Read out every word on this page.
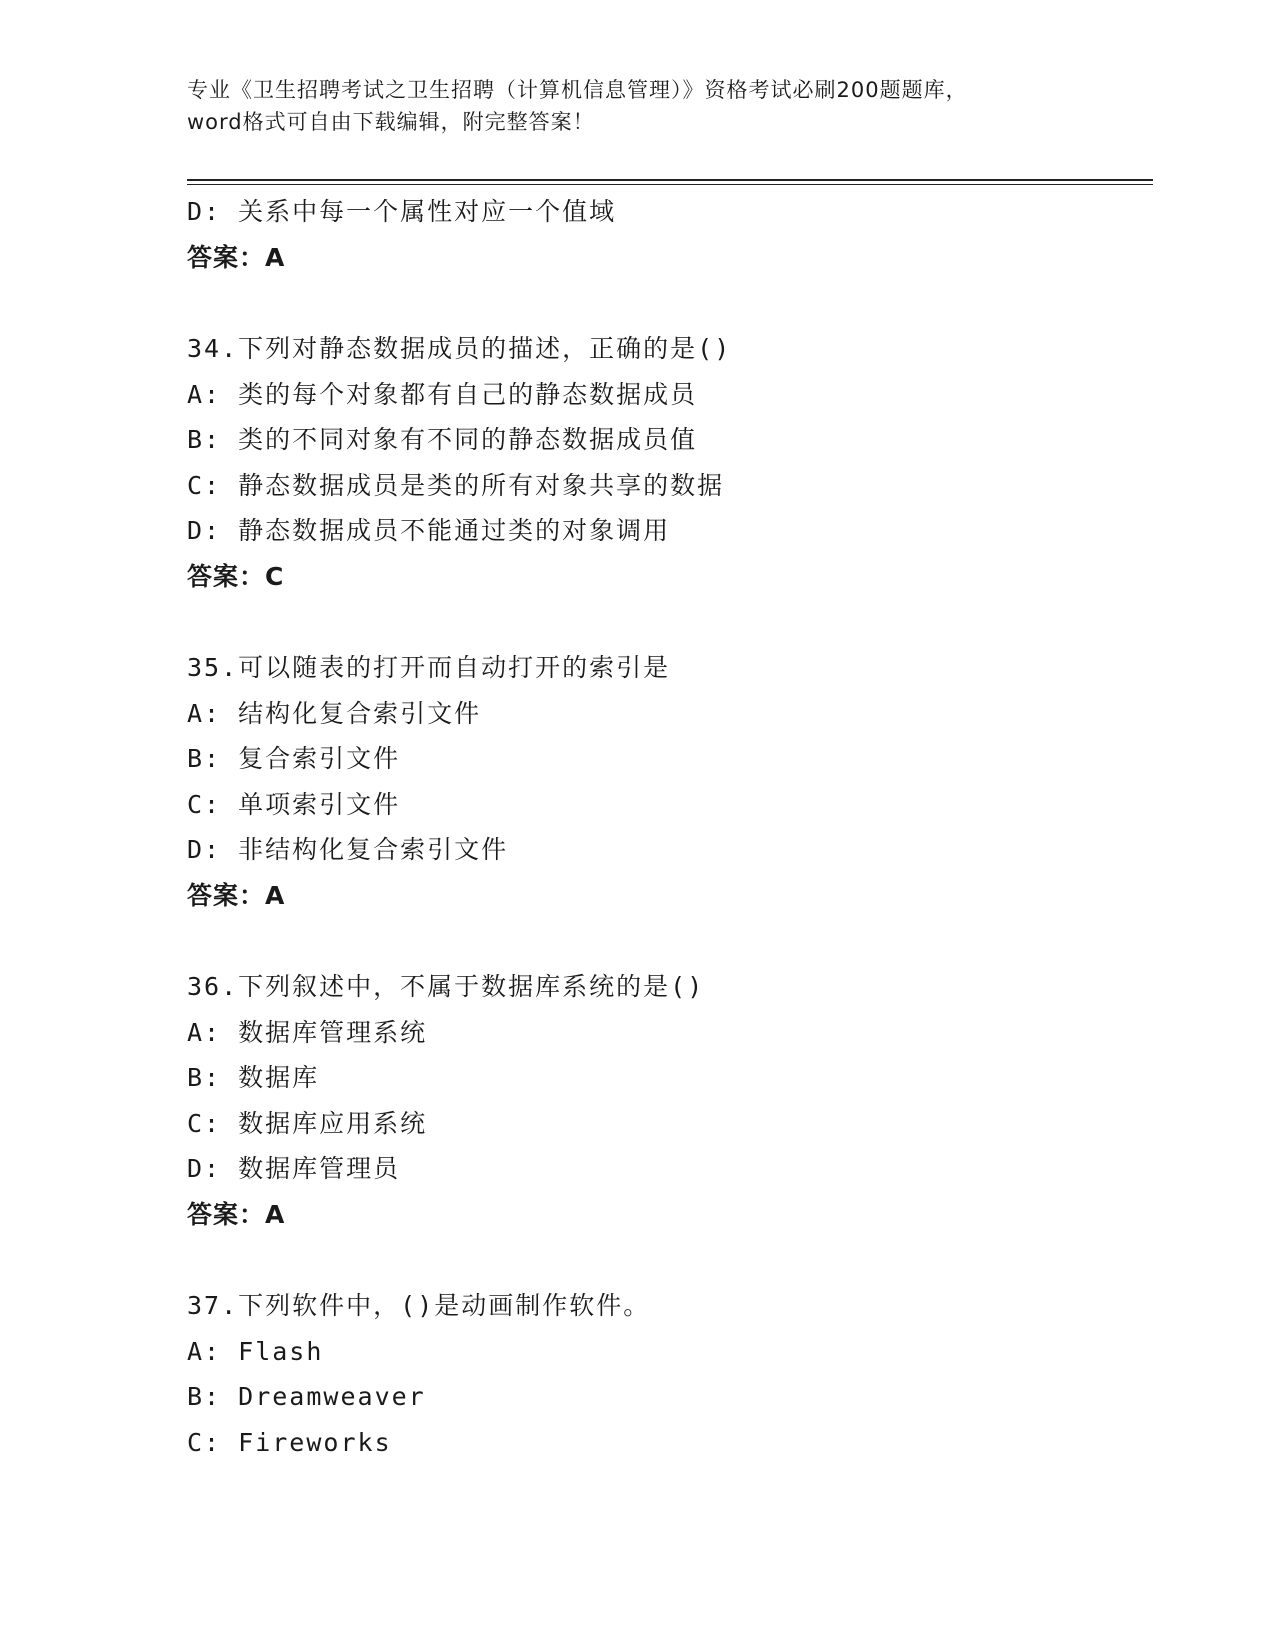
专业《卫生招聘考试之卫生招聘（计算机信息管理）》资格考试必刷200题题库，
word格式可自由下载编辑，附完整答案！
D: 关系中每一个属性对应一个值域
答案：A
34.下列对静态数据成员的描述，正确的是()
A: 类的每个对象都有自己的静态数据成员
B: 类的不同对象有不同的静态数据成员值
C: 静态数据成员是类的所有对象共享的数据
D: 静态数据成员不能通过类的对象调用
答案：C
35.可以随表的打开而自动打开的索引是
A: 结构化复合索引文件
B: 复合索引文件
C: 单项索引文件
D: 非结构化复合索引文件
答案：A
36.下列叙述中，不属于数据库系统的是()
A: 数据库管理系统
B: 数据库
C: 数据库应用系统
D: 数据库管理员
答案：A
37.下列软件中，()是动画制作软件。
A: Flash
B: Dreamweaver
C: Fireworks
